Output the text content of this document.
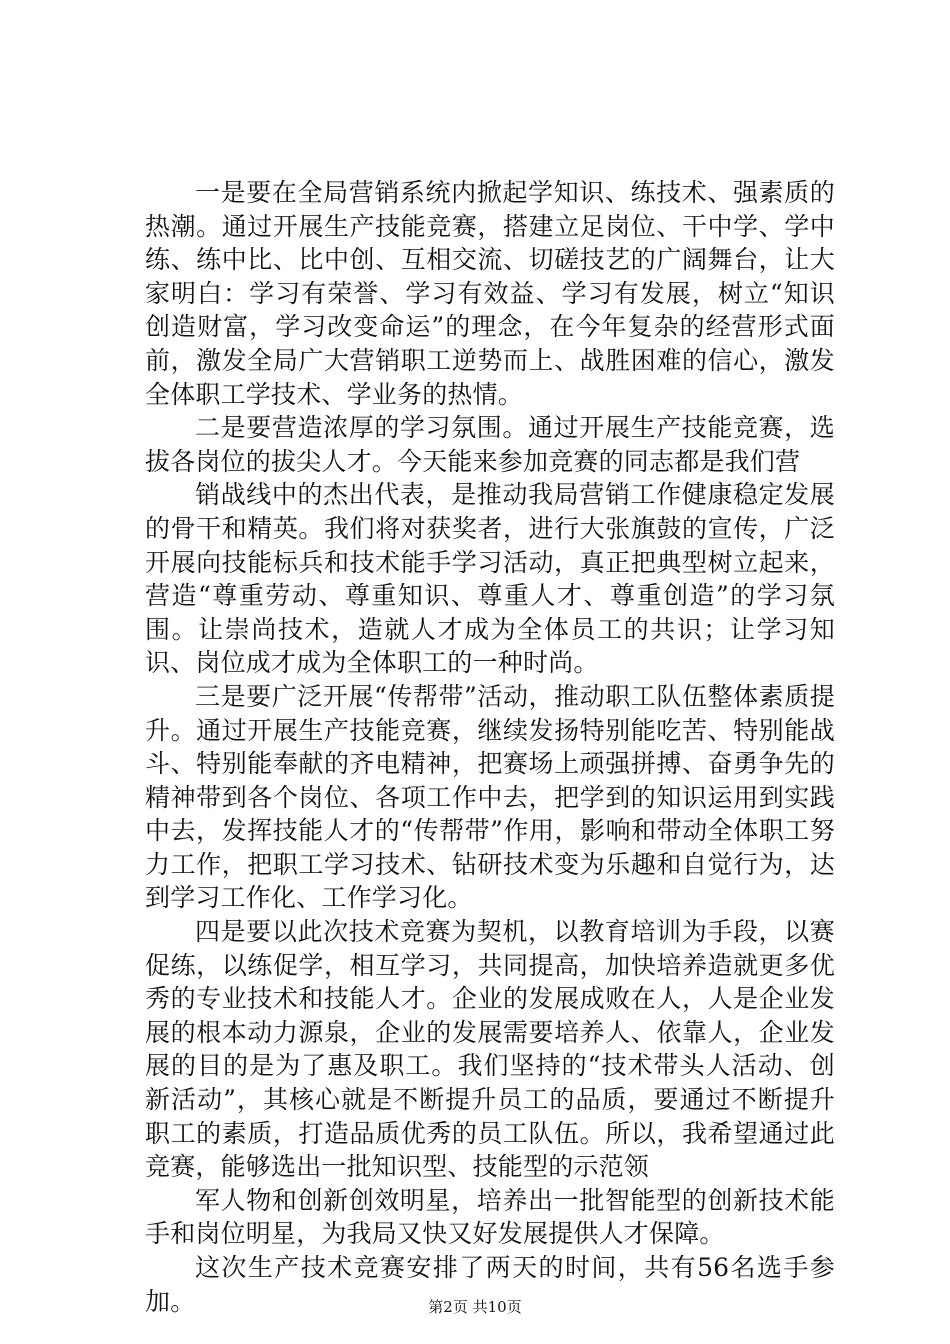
一是要在全局营销系统内掀起学知识、练技术、强素质的热潮。通过开展生产技能竞赛，搭建立足岗位、干中学、学中练、练中比、比中创、互相交流、切磋技艺的广阔舞台，让大家明白：学习有荣誉、学习有效益、学习有发展，树立“知识创造财富，学习改变命运”的理念，在今年复杂的经营形式面前，激发全局广大营销职工逆势而上、战胜困难的信心，激发全体职工学技术、学业务的热情。

二是要营造浓厚的学习氛围。通过开展生产技能竞赛，选拔各岗位的拔尖人才。今天能来参加竞赛的同志都是我们营

销战线中的杰出代表，是推动我局营销工作健康稳定发展的骨干和精英。我们将对获奖者，进行大张旗鼓的宣传，广泛开展向技能标兵和技术能手学习活动，真正把典型树立起来，营造“尊重劳动、尊重知识、尊重人才、尊重创造”的学习氛围。让崇尚技术，造就人才成为全体员工的共识；让学习知识、岗位成才成为全体职工的一种时尚。

三是要广泛开展“传帮带”活动，推动职工队伍整体素质提升。通过开展生产技能竞赛，继续发扬特别能吃苦、特别能战斗、特别能奉献的齐电精神，把赛场上顽强拼搏、奋勇争先的精神带到各个岗位、各项工作中去，把学到的知识运用到实践中去，发挥技能人才的“传帮带”作用，影响和带动全体职工努力工作，把职工学习技术、钻研技术变为乐趣和自觉行为，达到学习工作化、工作学习化。

四是要以此次技术竞赛为契机，以教育培训为手段，以赛促练，以练促学，相互学习，共同提高，加快培养造就更多优秀的专业技术和技能人才。企业的发展成败在人，人是企业发展的根本动力源泉，企业的发展需要培养人、依靠人，企业发展的目的是为了惠及职工。我们坚持的“技术带头人活动、创新活动”，其核心就是不断提升员工的品质，要通过不断提升职工的素质，打造品质优秀的员工队伍。所以，我希望通过此竞赛，能够选出一批知识型、技能型的示范领

军人物和创新创效明星，培养出一批智能型的创新技术能手和岗位明星，为我局又快又好发展提供人才保障。

这次生产技术竞赛安排了两天的时间，共有56名选手参加。	第2页 共10页
